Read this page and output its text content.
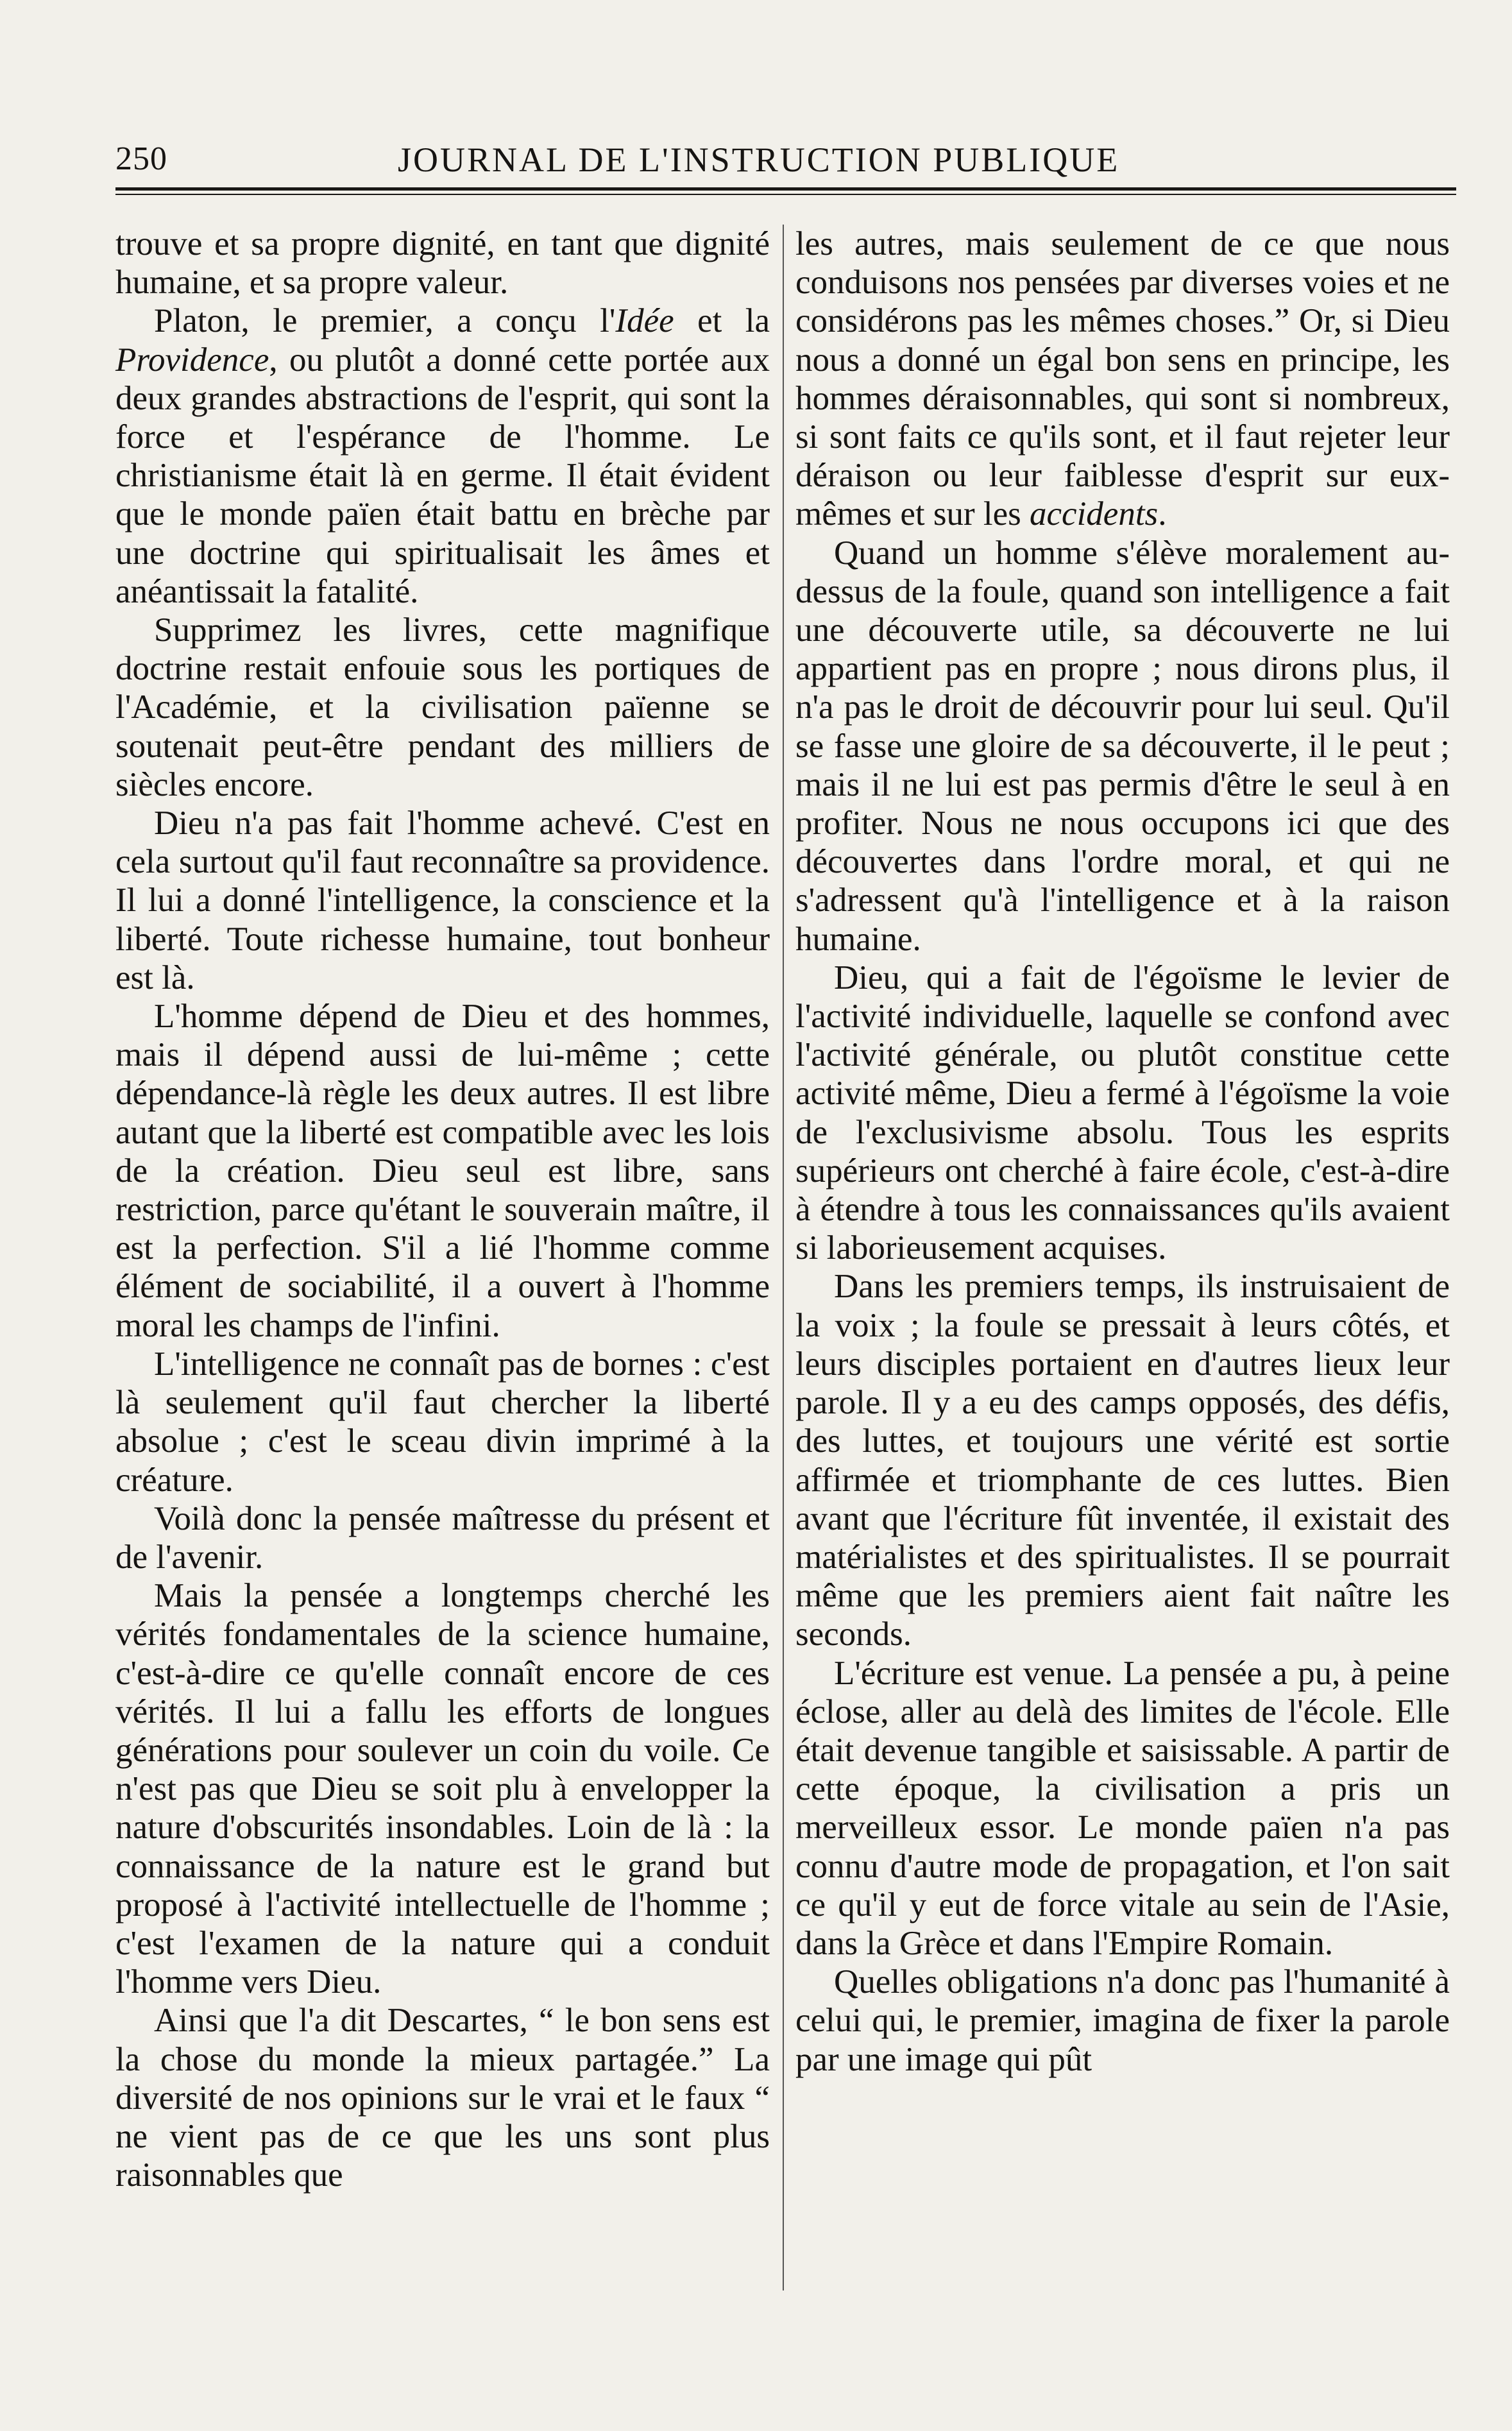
250	JOURNAL DE L'INSTRUCTION PUBLIQUE

trouve et sa propre dignité, en tant que dignité humaine, et sa propre valeur.

Platon, le premier, a conçu l'Idée et la Providence, ou plutôt a donné cette portée aux deux grandes abstractions de l'esprit, qui sont la force et l'espérance de l'homme. Le christianisme était là en germe. Il était évident que le monde païen était battu en brèche par une doctrine qui spiritualisait les âmes et anéantissait la fatalité.

Supprimez les livres, cette magnifique doctrine restait enfouie sous les portiques de l'Académie, et la civilisation païenne se soutenait peut-être pendant des milliers de siècles encore.

Dieu n'a pas fait l'homme achevé. C'est en cela surtout qu'il faut reconnaître sa providence. Il lui a donné l'intelligence, la conscience et la liberté. Toute richesse humaine, tout bonheur est là.

L'homme dépend de Dieu et des hommes, mais il dépend aussi de lui-même ; cette dépendance-là règle les deux autres. Il est libre autant que la liberté est compatible avec les lois de la création. Dieu seul est libre, sans restriction, parce qu'étant le souverain maître, il est la perfection. S'il a lié l'homme comme élément de sociabilité, il a ouvert à l'homme moral les champs de l'infini.

L'intelligence ne connaît pas de bornes : c'est là seulement qu'il faut chercher la liberté absolue ; c'est le sceau divin imprimé à la créature.

Voilà donc la pensée maîtresse du présent et de l'avenir.

Mais la pensée a longtemps cherché les vérités fondamentales de la science humaine, c'est-à-dire ce qu'elle connaît encore de ces vérités. Il lui a fallu les efforts de longues générations pour soulever un coin du voile. Ce n'est pas que Dieu se soit plu à envelopper la nature d'obscurités insondables. Loin de là : la connaissance de la nature est le grand but proposé à l'activité intellectuelle de l'homme ; c'est l'examen de la nature qui a conduit l'homme vers Dieu.

Ainsi que l'a dit Descartes, “ le bon sens est la chose du monde la mieux partagée.” La diversité de nos opinions sur le vrai et le faux “ ne vient pas de ce que les uns sont plus raisonnables que

les autres, mais seulement de ce que nous conduisons nos pensées par diverses voies et ne considérons pas les mêmes choses.” Or, si Dieu nous a donné un égal bon sens en principe, les hommes déraisonnables, qui sont si nombreux, si sont faits ce qu'ils sont, et il faut rejeter leur déraison ou leur faiblesse d'esprit sur eux-mêmes et sur les accidents.

Quand un homme s'élève moralement au-dessus de la foule, quand son intelligence a fait une découverte utile, sa découverte ne lui appartient pas en propre ; nous dirons plus, il n'a pas le droit de découvrir pour lui seul. Qu'il se fasse une gloire de sa découverte, il le peut ; mais il ne lui est pas permis d'être le seul à en profiter. Nous ne nous occupons ici que des découvertes dans l'ordre moral, et qui ne s'adressent qu'à l'intelligence et à la raison humaine.

Dieu, qui a fait de l'égoïsme le levier de l'activité individuelle, laquelle se confond avec l'activité générale, ou plutôt constitue cette activité même, Dieu a fermé à l'égoïsme la voie de l'exclusivisme absolu. Tous les esprits supérieurs ont cherché à faire école, c'est-à-dire à étendre à tous les connaissances qu'ils avaient si laborieusement acquises.

Dans les premiers temps, ils instruisaient de la voix ; la foule se pressait à leurs côtés, et leurs disciples portaient en d'autres lieux leur parole. Il y a eu des camps opposés, des défis, des luttes, et toujours une vérité est sortie affirmée et triomphante de ces luttes. Bien avant que l'écriture fût inventée, il existait des matérialistes et des spiritualistes. Il se pourrait même que les premiers aient fait naître les seconds.

L'écriture est venue. La pensée a pu, à peine éclose, aller au delà des limites de l'école. Elle était devenue tangible et saisissable. A partir de cette époque, la civilisation a pris un merveilleux essor. Le monde païen n'a pas connu d'autre mode de propagation, et l'on sait ce qu'il y eut de force vitale au sein de l'Asie, dans la Grèce et dans l'Empire Romain.

Quelles obligations n'a donc pas l'humanité à celui qui, le premier, imagina de fixer la parole par une image qui pût
